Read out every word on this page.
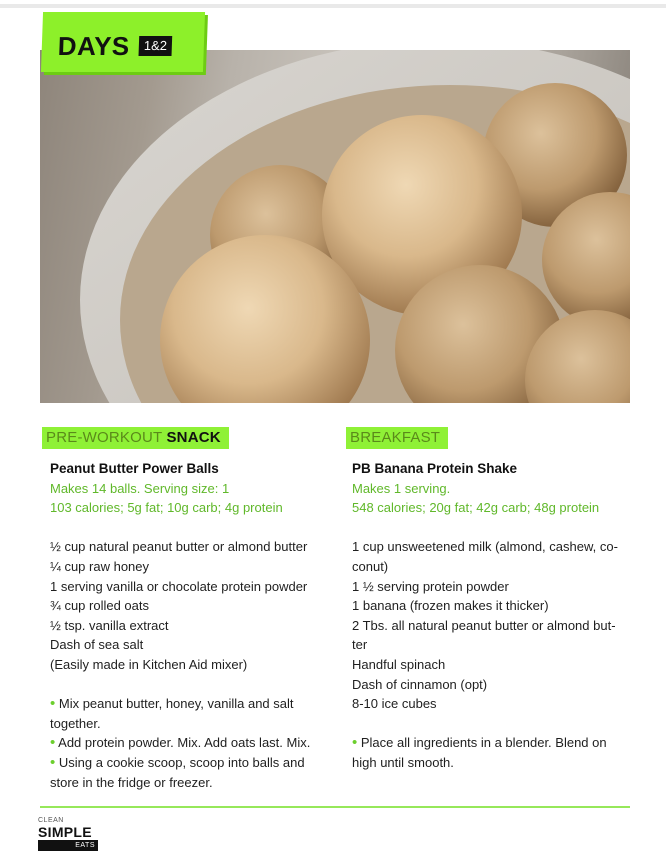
DAYS	1&2
PRE-WORKOUT SNACK	BREAKFAST
Peanut Butter Power Balls
Makes 14 balls. Serving size: 1
103 calories; 5g fat; 10g carb; 4g protein
½ cup natural peanut butter or almond butter
¼ cup raw honey
1 serving vanilla or chocolate protein powder
¾ cup rolled oats
½ tsp. vanilla extract
Dash of sea salt
(Easily made in Kitchen Aid mixer)
• Mix peanut butter, honey, vanilla and salt
together.
• Add protein powder. Mix. Add oats last. Mix.
• Using a cookie scoop, scoop into balls and
store in the fridge or freezer.
PB Banana Protein Shake
Makes 1 serving.
548 calories; 20g fat; 42g carb; 48g protein
1 cup unsweetened milk (almond, cashew, co-
conut)
1 ½ serving protein powder
1 banana (frozen makes it thicker)
2 Tbs. all natural peanut butter or almond but-
ter
Handful spinach
Dash of cinnamon (opt)
8-10 ice cubes
• Place all ingredients in a blender. Blend on
high until smooth.
CLEAN
SIMPLE
EATS
